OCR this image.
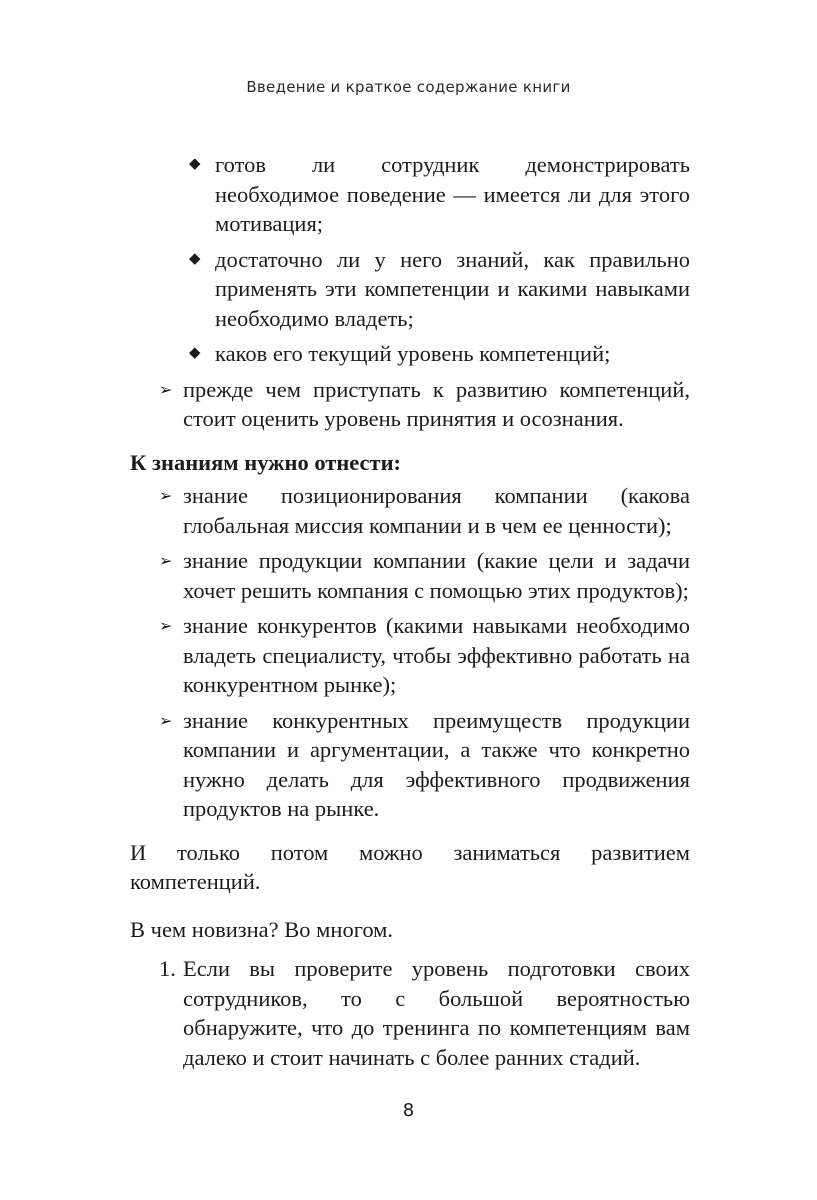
Введение и краткое содержание книги
◆ готов ли сотрудник демонстрировать необходимое поведение — имеется ли для этого мотивация;
◆ достаточно ли у него знаний, как правильно применять эти компетенции и какими навыками необходимо владеть;
◆ каков его текущий уровень компетенций;
➢ прежде чем приступать к развитию компетенций, стоит оценить уровень принятия и осознания.
К знаниям нужно отнести:
➢ знание позиционирования компании (какова глобальная миссия компании и в чем ее ценности);
➢ знание продукции компании (какие цели и задачи хочет решить компания с помощью этих продуктов);
➢ знание конкурентов (какими навыками необходимо владеть специалисту, чтобы эффективно работать на конкурентном рынке);
➢ знание конкурентных преимуществ продукции компании и аргументации, а также что конкретно нужно делать для эффективного продвижения продуктов на рынке.
И только потом можно заниматься развитием компетенций.
В чем новизна? Во многом.
1. Если вы проверите уровень подготовки своих сотрудников, то с большой вероятностью обнаружите, что до тренинга по компетенциям вам далеко и стоит начинать с более ранних стадий.
8
